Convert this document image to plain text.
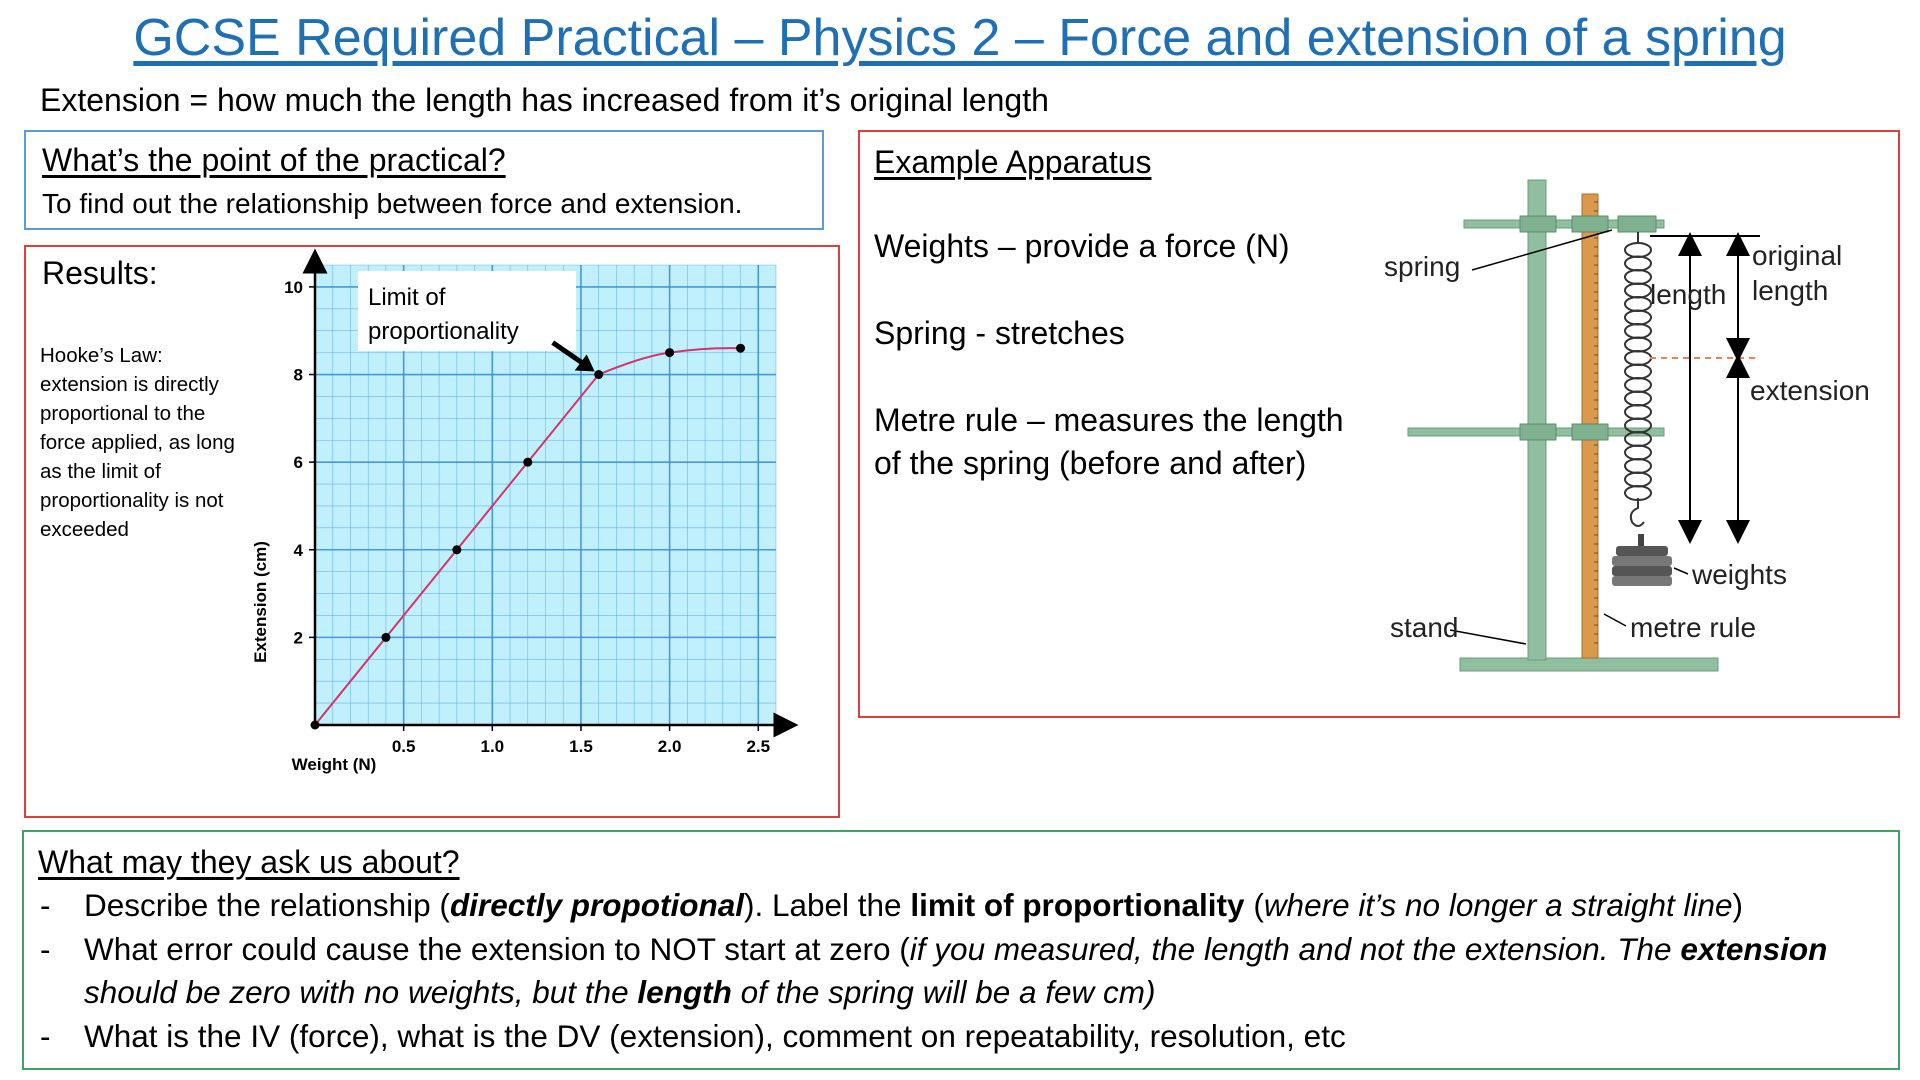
GCSE Required Practical – Physics 2 – Force and extension of a spring
Extension = how much the length has increased from it’s original length
What’s the point of the practical?
To find out the relationship between force and extension.
Results:
Hooke’s Law: extension is directly proportional to the force applied, as long as the limit of proportionality is not exceeded
0.5	1.0	1.5	2.0	2.5
2
4
6
8
10	Limit of
proportionality
Weight (N)
Extension (cm)
Example Apparatus
Weights – provide a force (N)
Spring - stretches
Metre rule – measures the length
of the spring (before and after)
spring
length
original
length
extension
weights
stand	metre rule
What may they ask us about?
- Describe the relationship (directly propotional). Label the limit of proportionality (where it’s no longer a straight line)
- What error could cause the extension to NOT start at zero (if you measured, the length and not the extension. The extension should be zero with no weights, but the length of the spring will be a few cm)
- What is the IV (force), what is the DV (extension), comment on repeatability, resolution, etc
